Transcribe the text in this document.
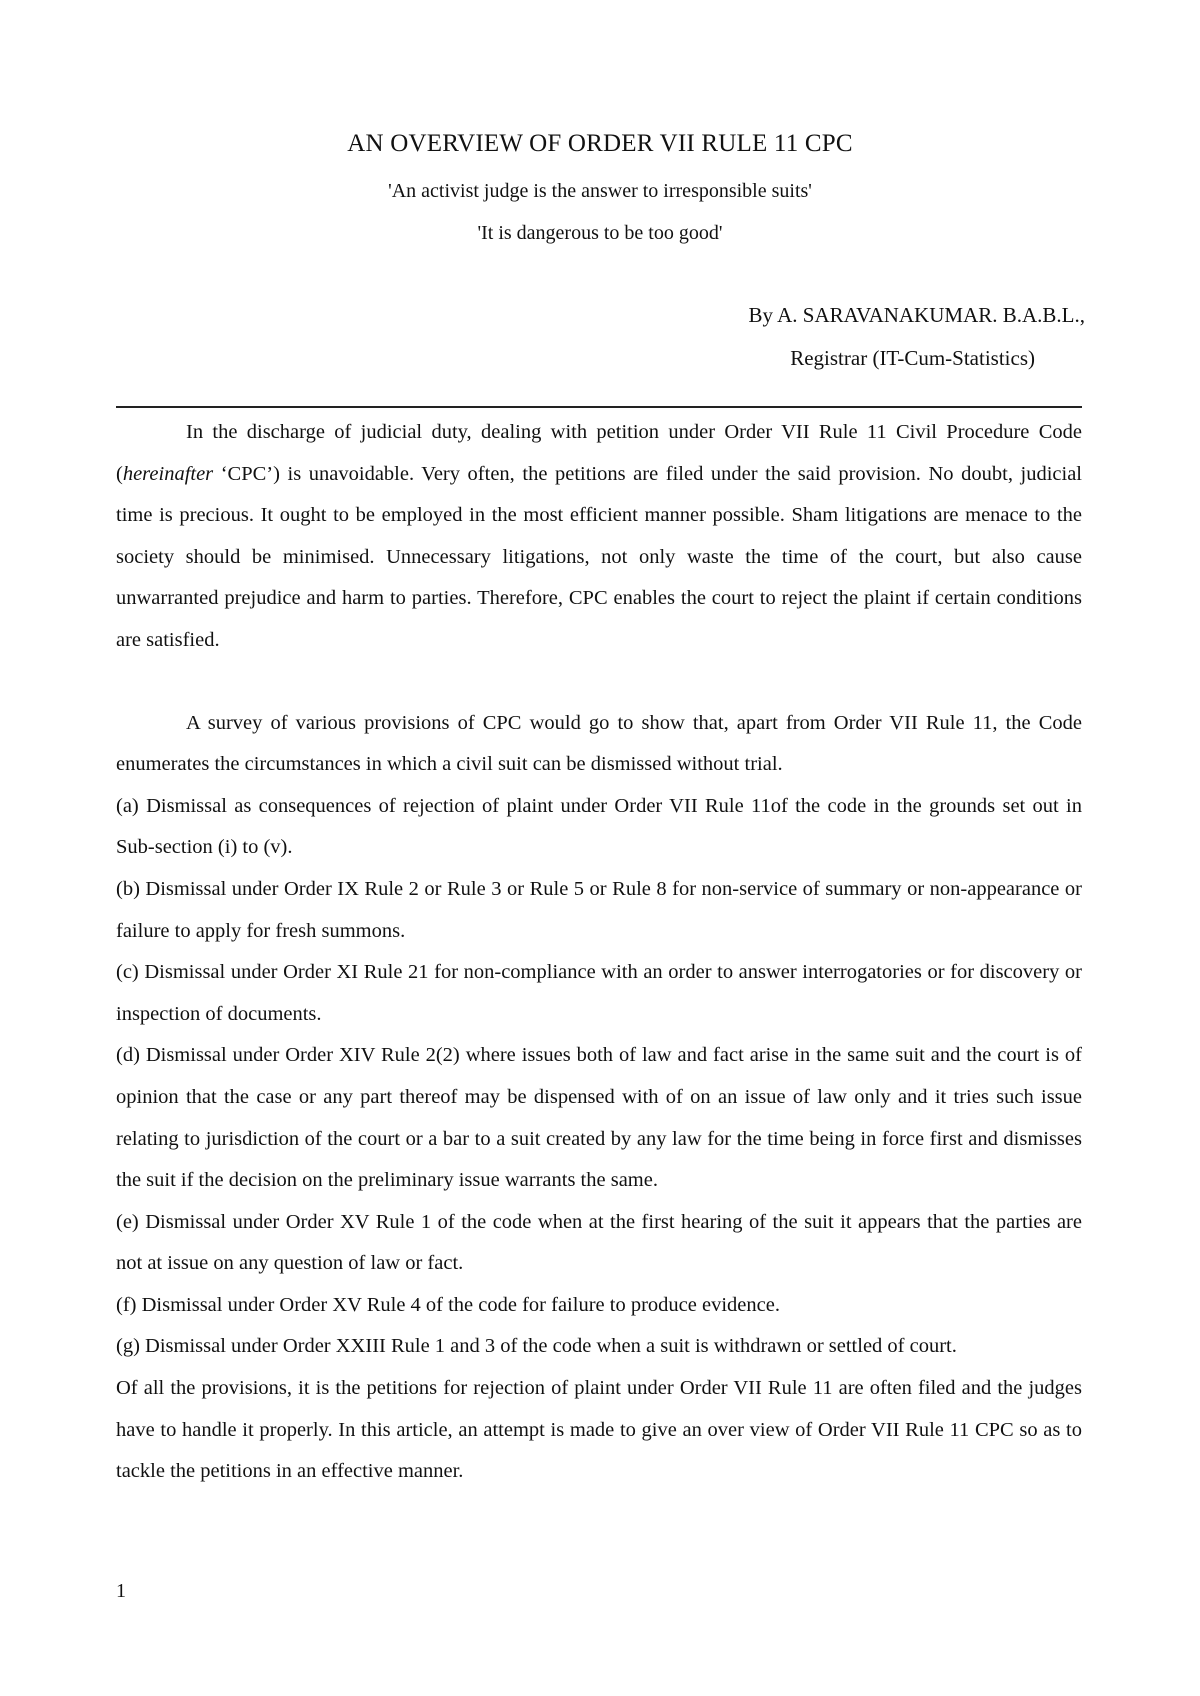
AN OVERVIEW OF ORDER VII RULE 11 CPC
'An activist judge is the answer to irresponsible suits'
'It is dangerous to be too good'
By A. SARAVANAKUMAR. B.A.B.L.,
Registrar (IT-Cum-Statistics)

In the discharge of judicial duty, dealing with petition under Order VII Rule 11 Civil Procedure Code (hereinafter ‘CPC’) is unavoidable. Very often, the petitions are filed under the said provision. No doubt, judicial time is precious. It ought to be employed in the most efficient manner possible. Sham litigations are menace to the society should be minimised. Unnecessary litigations, not only waste the time of the court, but also cause unwarranted prejudice and harm to parties. Therefore, CPC enables the court to reject the plaint if certain conditions are satisfied.

A survey of various provisions of CPC would go to show that, apart from Order VII Rule 11, the Code enumerates the circumstances in which a civil suit can be dismissed without trial.

(a) Dismissal as consequences of rejection of plaint under Order VII Rule 11of the code in the grounds set out in Sub-section (i) to (v).

(b) Dismissal under Order IX Rule 2 or Rule 3 or Rule 5 or Rule 8 for non-service of summary or non-appearance or failure to apply for fresh summons.

(c) Dismissal under Order XI Rule 21 for non-compliance with an order to answer interrogatories or for discovery or inspection of documents.

(d) Dismissal under Order XIV Rule 2(2) where issues both of law and fact arise in the same suit and the court is of opinion that the case or any part thereof may be dispensed with of on an issue of law only and it tries such issue relating to jurisdiction of the court or a bar to a suit created by any law for the time being in force first and dismisses the suit if the decision on the preliminary issue warrants the same.

(e) Dismissal under Order XV Rule 1 of the code when at the first hearing of the suit it appears that the parties are not at issue on any question of law or fact.

(f) Dismissal under Order XV Rule 4 of the code for failure to produce evidence.

(g) Dismissal under Order XXIII Rule 1 and 3 of the code when a suit is withdrawn or settled of court.

Of all the provisions, it is the petitions for rejection of plaint under Order VII Rule 11 are often filed and the judges have to handle it properly. In this article, an attempt is made to give an over view of Order VII Rule 11 CPC so as to tackle the petitions in an effective manner.

1
